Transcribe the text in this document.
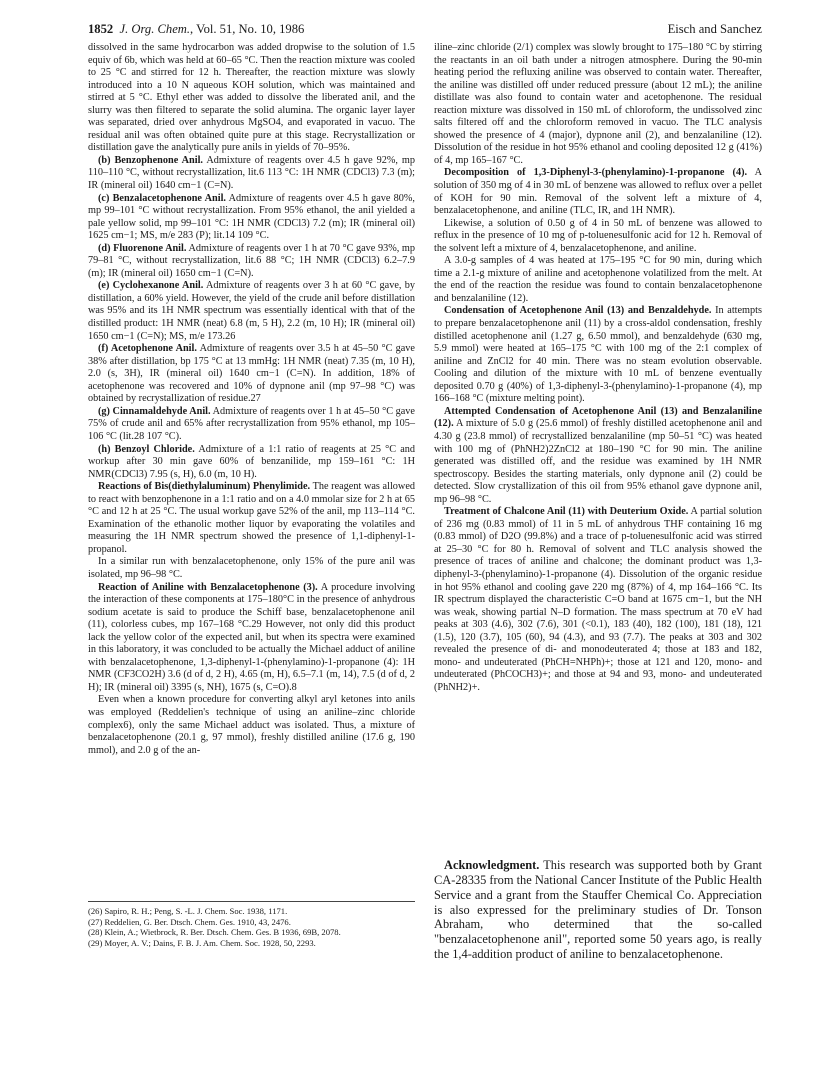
1852 J. Org. Chem., Vol. 51, No. 10, 1986	Eisch and Sanchez

dissolved in the same hydrocarbon was added dropwise to the solution of 1.5 equiv of 6b, which was held at 60–65 °C. Then the reaction mixture was cooled to 25 °C and stirred for 12 h. Thereafter, the reaction mixture was slowly introduced into a 10 N aqueous KOH solution, which was maintained and stirred at 5 °C. Ethyl ether was added to dissolve the liberated anil, and the slurry was then filtered to separate the solid alumina. The organic layer layer was separated, dried over anhydrous MgSO4, and evaporated in vacuo. The residual anil was often obtained quite pure at this stage. Recrystallization or distillation gave the analytically pure anils in yields of 70–95%.

(b) Benzophenone Anil. Admixture of reagents over 4.5 h gave 92%, mp 110–110 °C, without recrystallization, lit.6 113 °C: 1H NMR (CDCl3) 7.3 (m); IR (mineral oil) 1640 cm−1 (C=N).

(c) Benzalacetophenone Anil. Admixture of reagents over 4.5 h gave 80%, mp 99–101 °C without recrystallization. From 95% ethanol, the anil yielded a pale yellow solid, mp 99–101 °C: 1H NMR (CDCl3) 7.2 (m); IR (mineral oil) 1625 cm−1; MS, m/e 283 (P); lit.14 109 °C.

(d) Fluorenone Anil. Admixture of reagents over 1 h at 70 °C gave 93%, mp 79–81 °C, without recrystallization, lit.6 88 °C; 1H NMR (CDCl3) 6.2–7.9 (m); IR (mineral oil) 1650 cm−1 (C=N).

(e) Cyclohexanone Anil. Admixture of reagents over 3 h at 60 °C gave, by distillation, a 60% yield. However, the yield of the crude anil before distillation was 95% and its 1H NMR spectrum was essentially identical with that of the distilled product: 1H NMR (neat) 6.8 (m, 5 H), 2.2 (m, 10 H); IR (mineral oil) 1650 cm−1 (C=N); MS, m/e 173.26

(f) Acetophenone Anil. Admixture of reagents over 3.5 h at 45–50 °C gave 38% after distillation, bp 175 °C at 13 mmHg: 1H NMR (neat) 7.35 (m, 10 H), 2.0 (s, 3H), IR (mineral oil) 1640 cm−1 (C=N). In addition, 18% of acetophenone was recovered and 10% of dypnone anil (mp 97–98 °C) was obtained by recrystallization of residue.27

(g) Cinnamaldehyde Anil. Admixture of reagents over 1 h at 45–50 °C gave 75% of crude anil and 65% after recrystallization from 95% ethanol, mp 105–106 °C (lit.28 107 °C).

(h) Benzoyl Chloride. Admixture of a 1:1 ratio of reagents at 25 °C and workup after 30 min gave 60% of benzanilide, mp 159–161 °C: 1H NMR(CDCl3) 7.95 (s, H), 6.0 (m, 10 H).

Reactions of Bis(diethylaluminum) Phenylimide. The reagent was allowed to react with benzophenone in a 1:1 ratio and on a 4.0 mmolar size for 2 h at 65 °C and 12 h at 25 °C. The usual workup gave 52% of the anil, mp 113–114 °C. Examination of the ethanolic mother liquor by evaporating the volatiles and measuring the 1H NMR spectrum showed the presence of 1,1-diphenyl-1-propanol.

In a similar run with benzalacetophenone, only 15% of the pure anil was isolated, mp 96–98 °C.

Reaction of Aniline with Benzalacetophenone (3). A procedure involving the interaction of these components at 175–180°C in the presence of anhydrous sodium acetate is said to produce the Schiff base, benzalacetophenone anil (11), colorless cubes, mp 167–168 °C.29 However, not only did this product lack the yellow color of the expected anil, but when its spectra were examined in this laboratory, it was concluded to be actually the Michael adduct of aniline with benzalacetophenone, 1,3-diphenyl-1-(phenylamino)-1-propanone (4): 1H NMR (CF3CO2H) 3.6 (d of d, 2 H), 4.65 (m, H), 6.5–7.1 (m, 14), 7.5 (d of d, 2 H); IR (mineral oil) 3395 (s, NH), 1675 (s, C=O).8

Even when a known procedure for converting alkyl aryl ketones into anils was employed (Reddelien's technique of using an aniline–zinc chloride complex6), only the same Michael adduct was isolated. Thus, a mixture of benzalacetophenone (20.1 g, 97 mmol), freshly distilled aniline (17.6 g, 190 mmol), and 2.0 g of the an-

(26) Sapiro, R. H.; Peng, S. -L. J. Chem. Soc. 1938, 1171.

(27) Reddelien, G. Ber. Dtsch. Chem. Ges. 1910, 43, 2476.

(28) Klein, A.; Wietbrock, R. Ber. Dtsch. Chem. Ges. B 1936, 69B, 2078.

(29) Moyer, A. V.; Dains, F. B. J. Am. Chem. Soc. 1928, 50, 2293.

iline–zinc chloride (2/1) complex was slowly brought to 175–180 °C by stirring the reactants in an oil bath under a nitrogen atmosphere. During the 90-min heating period the refluxing aniline was observed to contain water. Thereafter, the aniline was distilled off under reduced pressure (about 12 mL); the aniline distillate was also found to contain water and acetophenone. The residual reaction mixture was dissolved in 150 mL of chloroform, the undissolved zinc salts filtered off and the chloroform removed in vacuo. The TLC analysis showed the presence of 4 (major), dypnone anil (2), and benzalaniline (12). Dissolution of the residue in hot 95% ethanol and cooling deposited 12 g (41%) of 4, mp 165–167 °C.

Decomposition of 1,3-Diphenyl-3-(phenylamino)-1-propanone (4). A solution of 350 mg of 4 in 30 mL of benzene was allowed to reflux over a pellet of KOH for 90 min. Removal of the solvent left a mixture of 4, benzalacetophenone, and aniline (TLC, IR, and 1H NMR).

Likewise, a solution of 0.50 g of 4 in 50 mL of benzene was allowed to reflux in the presence of 10 mg of p-toluenesulfonic acid for 12 h. Removal of the solvent left a mixture of 4, benzalacetophenone, and aniline.

A 3.0-g samples of 4 was heated at 175–195 °C for 90 min, during which time a 2.1-g mixture of aniline and acetophenone volatilized from the melt. At the end of the reaction the residue was found to contain benzalacetophenone and benzalaniline (12).

Condensation of Acetophenone Anil (13) and Benzaldehyde. In attempts to prepare benzalacetophenone anil (11) by a cross-aldol condensation, freshly distilled acetophenone anil (1.27 g, 6.50 mmol), and benzaldehyde (630 mg, 5.9 mmol) were heated at 165–175 °C with 100 mg of the 2:1 complex of aniline and ZnCl2 for 40 min. There was no steam evolution observable. Cooling and dilution of the mixture with 10 mL of benzene eventually deposited 0.70 g (40%) of 1,3-diphenyl-3-(phenylamino)-1-propanone (4), mp 166–168 °C (mixture melting point).

Attempted Condensation of Acetophenone Anil (13) and Benzalaniline (12). A mixture of 5.0 g (25.6 mmol) of freshly distilled acetophenone anil and 4.30 g (23.8 mmol) of recrystallized benzalaniline (mp 50–51 °C) was heated with 100 mg of (PhNH2)2ZnCl2 at 180–190 °C for 90 min. The aniline generated was distilled off, and the residue was examined by 1H NMR spectroscopy. Besides the starting materials, only dypnone anil (2) could be detected. Slow crystallization of this oil from 95% ethanol gave dypnone anil, mp 96–98 °C.

Treatment of Chalcone Anil (11) with Deuterium Oxide. A partial solution of 236 mg (0.83 mmol) of 11 in 5 mL of anhydrous THF containing 16 mg (0.83 mmol) of D2O (99.8%) and a trace of p-toluenesulfonic acid was stirred at 25–30 °C for 80 h. Removal of solvent and TLC analysis showed the presence of traces of aniline and chalcone; the dominant product was 1,3-diphenyl-3-(phenylamino)-1-propanone (4). Dissolution of the organic residue in hot 95% ethanol and cooling gave 220 mg (87%) of 4, mp 164–166 °C. Its IR spectrum displayed the characteristic C=O band at 1675 cm−1, but the NH was weak, showing partial N–D formation. The mass spectrum at 70 eV had peaks at 303 (4.6), 302 (7.6), 301 (<0.1), 183 (40), 182 (100), 181 (18), 121 (1.5), 120 (3.7), 105 (60), 94 (4.3), and 93 (7.7). The peaks at 303 and 302 revealed the presence of di- and monodeuterated 4; those at 183 and 182, mono- and undeuterated (PhCH=NHPh)+; those at 121 and 120, mono- and undeuterated (PhCOCH3)+; and those at 94 and 93, mono- and undeuterated (PhNH2)+.

Acknowledgment. This research was supported both by Grant CA-28335 from the National Cancer Institute of the Public Health Service and a grant from the Stauffer Chemical Co. Appreciation is also expressed for the preliminary studies of Dr. Tonson Abraham, who determined that the so-called "benzalacetophenone anil", reported some 50 years ago, is really the 1,4-addition product of aniline to benzalacetophenone.
